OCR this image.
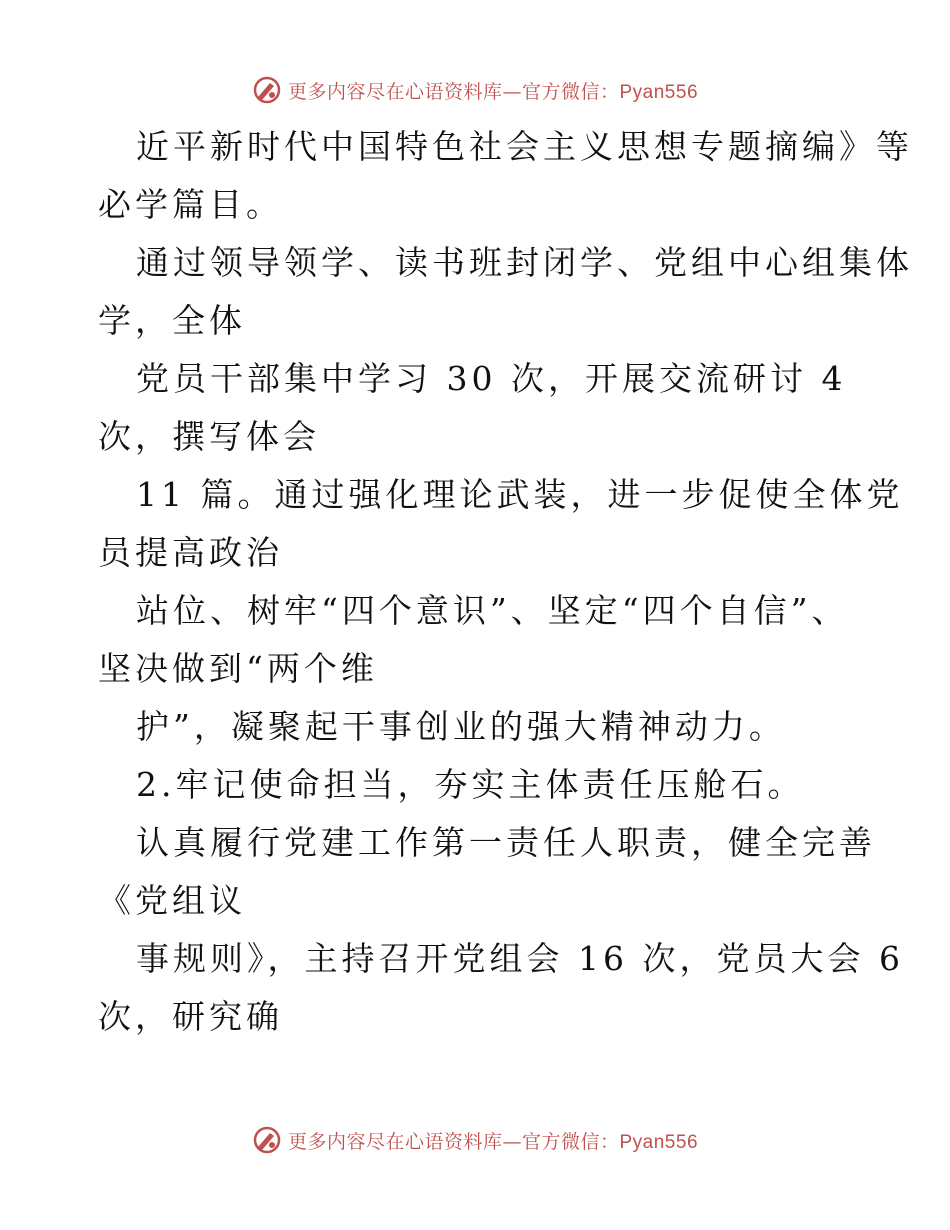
更多内容尽在心语资料库—官方微信：Pyan556
近平新时代中国特色社会主义思想专题摘编》等
必学篇目。
通过领导领学、读书班封闭学、党组中心组集体
学，全体
党员干部集中学习 30 次，开展交流研讨 4
次，撰写体会
11 篇。通过强化理论武装，进一步促使全体党
员提高政治
站位、树牢“四个意识”、坚定“四个自信”、
坚决做到“两个维
护”，凝聚起干事创业的强大精神动力。
2.牢记使命担当，夯实主体责任压舱石。
认真履行党建工作第一责任人职责，健全完善
《党组议
事规则》，主持召开党组会 16 次，党员大会 6
次，研究确
更多内容尽在心语资料库—官方微信：Pyan556
